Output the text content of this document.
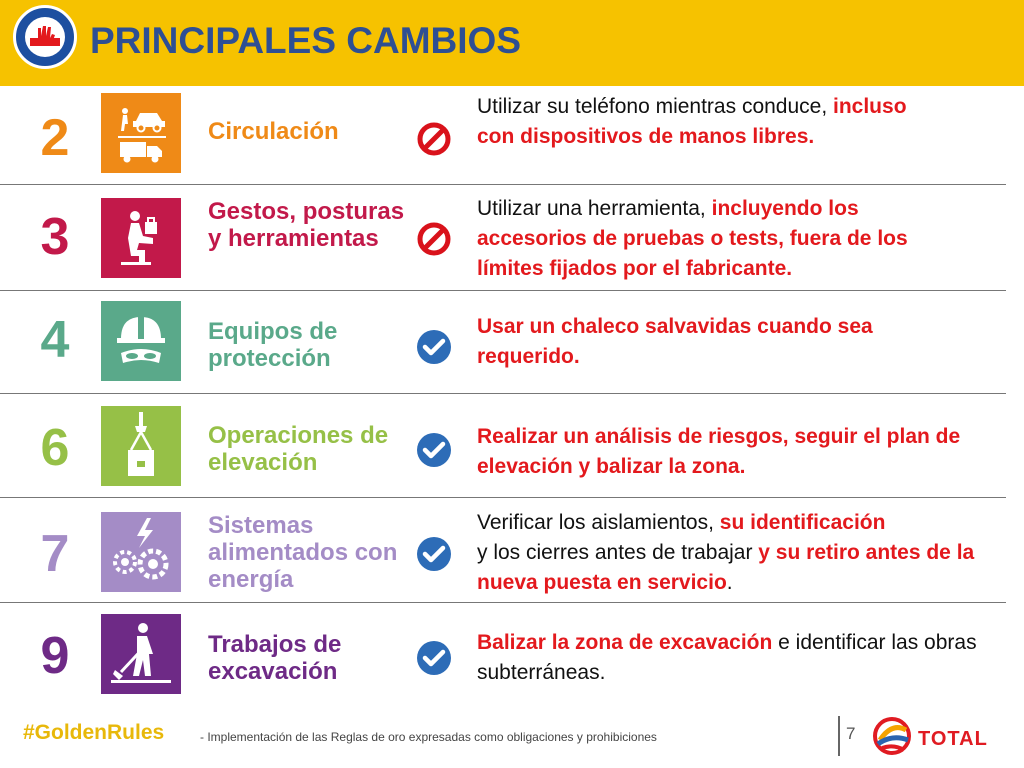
PRINCIPALES CAMBIOS
2	Circulación
Utilizar su teléfono mientras conduce, incluso con dispositivos de manos libres.
3	Gestos, posturas y herramientas
Utilizar una herramienta, incluyendo los accesorios de pruebas o tests, fuera de los límites fijados por el fabricante.
4	Equipos de protección
Usar un chaleco salvavidas cuando sea requerido.
6	Operaciones de elevación
Realizar un análisis de riesgos, seguir el plan de elevación y balizar la zona.
7	Sistemas alimentados con energía
Verificar los aislamientos, su identificación
y los cierres antes de trabajar y su retiro antes de la nueva puesta en servicio.
9	Trabajos de excavación
Balizar la zona de excavación e identificar las obras subterráneas.
#GoldenRules	- Implementación de las Reglas de oro expresadas como obligaciones y prohibiciones	7	TOTAL
